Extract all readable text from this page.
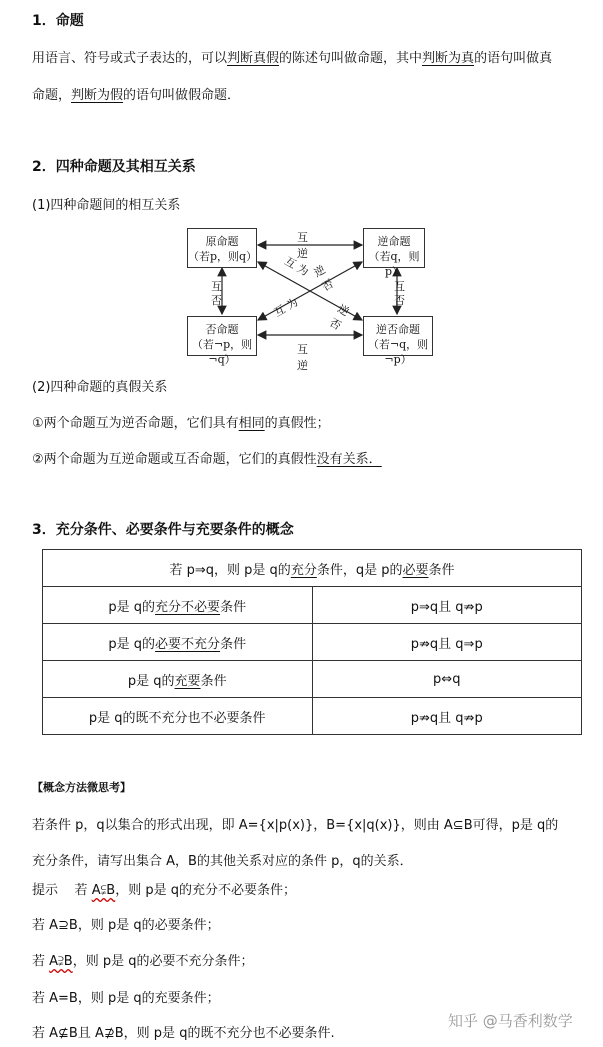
1．命题
用语言、符号或式子表达的，可以判断真假的陈述句叫做命题，其中判断为真的语句叫做真
命题，判断为假的语句叫做假命题．
2．四种命题及其相互关系
(1)四种命题间的相互关系
原命题
（若p，则q）
逆命题
（若q，则p）
否命题
（若¬p，则¬q）
逆否命题
（若¬q，则¬p）
互逆
互逆
互
否
互
否
互 为 逆否
互 为	逆否
(2)四种命题的真假关系
①两个命题互为逆否命题，它们具有相同的真假性；
②两个命题为互逆命题或互否命题，它们的真假性没有关系．
3．充分条件、必要条件与充要条件的概念
若 p⇒q，则 p是 q的充分条件，q是 p的必要条件	
p是 q的充分不必要条件	p⇒q且 q⇏p
p是 q的必要不充分条件	p⇏q且 q⇒p
p是 q的充要条件	p⇔q
p是 q的既不充分也不必要条件	p⇏q且 q⇏p
【概念方法微思考】
若条件 p，q以集合的形式出现，即 A={x|p(x)}，B={x|q(x)}，则由 A⊆B可得，p是 q的
充分条件，请写出集合 A，B的其他关系对应的条件 p，q的关系．
提示 若 A⫋B，则 p是 q的充分不必要条件；
若 A⊇B，则 p是 q的必要条件；
若 A⫌B，则 p是 q的必要不充分条件；
若 A=B，则 p是 q的充要条件；
若 A⊈B且 A⊉B，则 p是 q的既不充分也不必要条件.
知乎 @马香利数学
